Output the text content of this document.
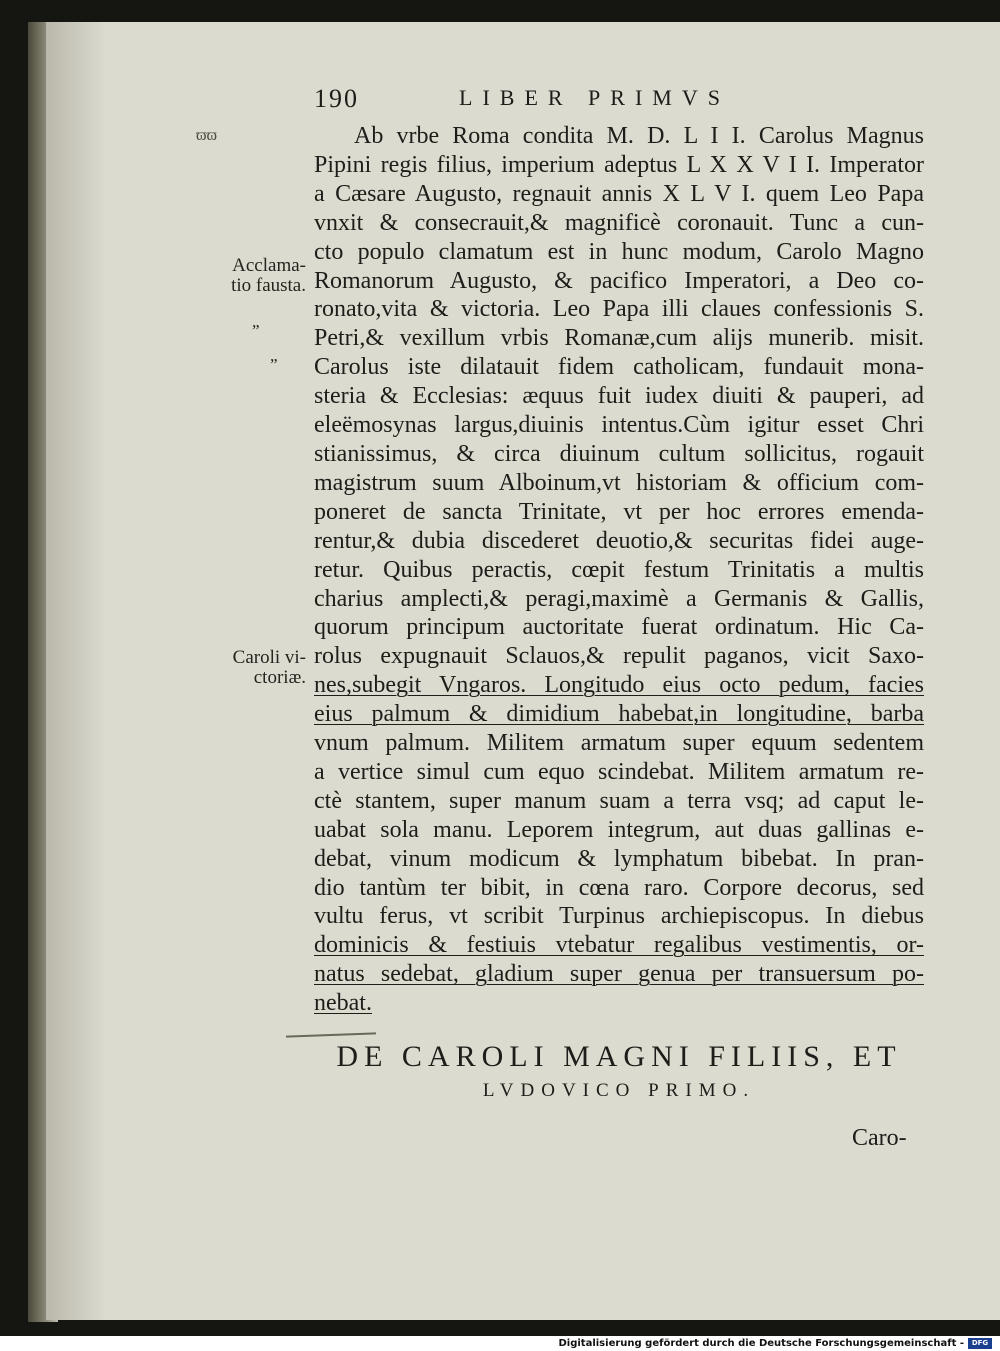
ϖϖ
190	LIBER PRIMVS
Acclama-
tio fausta.
„
„
Caroli vi-
ctoriæ.
Ab vrbe Roma condita M. D. L I I. Carolus Magnus
Pipini regis filius, imperium adeptus L X X V I I. Imperator
a Cæsare Augusto, regnauit annis X L V I. quem Leo Papa
vnxit & consecrauit,& magnificè coronauit. Tunc a cun-
cto populo clamatum est in hunc modum, Carolo Magno
Romanorum Augusto, & pacifico Imperatori, a Deo co-
ronato,vita & victoria. Leo Papa illi claues confessionis S.
Petri,& vexillum vrbis Romanæ,cum alijs munerib. misit.
Carolus iste dilatauit fidem catholicam, fundauit mona-
steria & Ecclesias: æquus fuit iudex diuiti & pauperi, ad
eleëmosynas largus,diuinis intentus.Cùm igitur esset Chri
stianissimus, & circa diuinum cultum sollicitus, rogauit
magistrum suum Alboinum,vt historiam & officium com-
poneret de sancta Trinitate, vt per hoc errores emenda-
rentur,& dubia discederet deuotio,& securitas fidei auge-
retur. Quibus peractis, cœpit festum Trinitatis a multis
charius amplecti,& peragi,maximè a Germanis & Gallis,
quorum principum auctoritate fuerat ordinatum. Hic Ca-
rolus expugnauit Sclauos,& repulit paganos, vicit Saxo-
nes,subegit Vngaros. Longitudo eius octo pedum, facies
eius palmum & dimidium habebat,in longitudine, barba
vnum palmum. Militem armatum super equum sedentem
a vertice simul cum equo scindebat. Militem armatum re-
ctè stantem, super manum suam a terra vsq; ad caput le-
uabat sola manu. Leporem integrum, aut duas gallinas e-
debat, vinum modicum & lymphatum bibebat. In pran-
dio tantùm ter bibit, in cœna raro. Corpore decorus, sed
vultu ferus, vt scribit Turpinus archiepiscopus. In diebus
dominicis & festiuis vtebatur regalibus vestimentis, or-
natus sedebat, gladium super genua per transuersum po-
nebat.
DE CAROLI MAGNI FILIIS, ET
LVDOVICO PRIMO.
Caro-
Digitalisierung gefördert durch die Deutsche Forschungsgemeinschaft - DFG
